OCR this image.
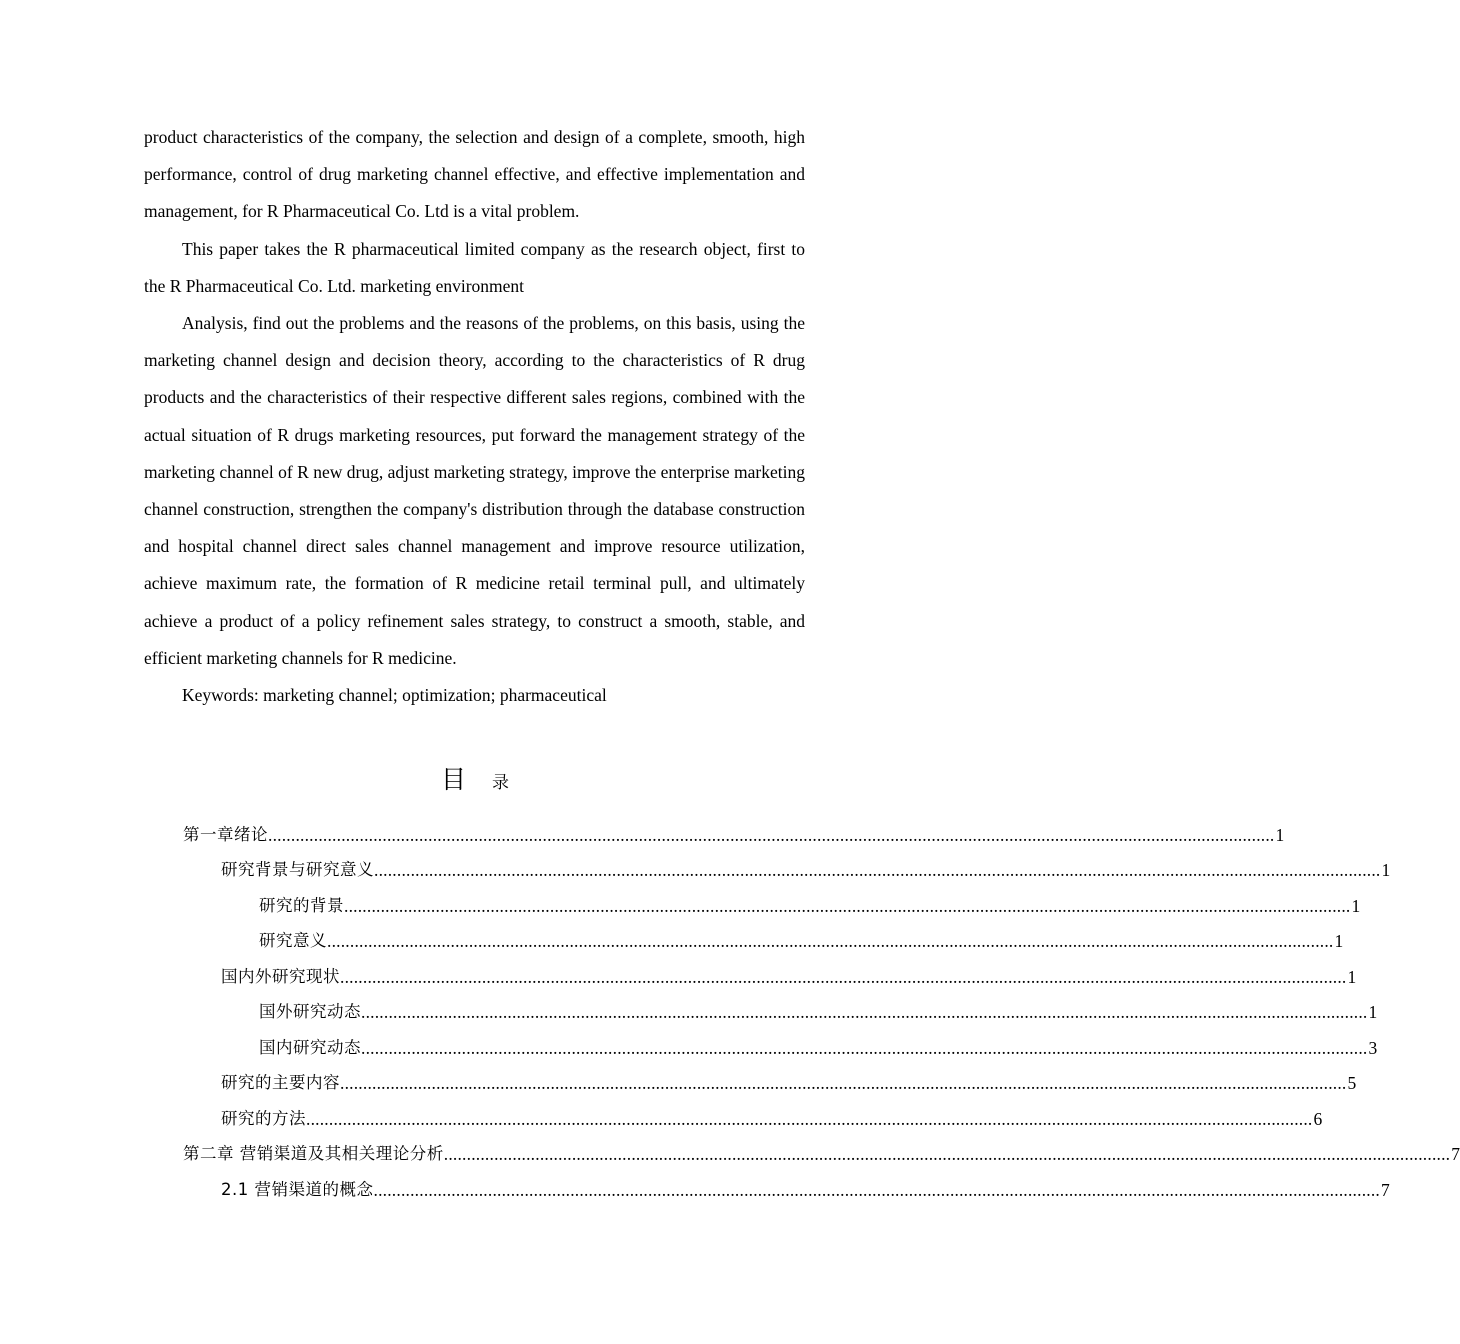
product characteristics of the company, the selection and design of a complete, smooth, high performance, control of drug marketing channel effective, and effective implementation and management, for R Pharmaceutical Co. Ltd is a vital problem.

This paper takes the R pharmaceutical limited company as the research object, first to the R Pharmaceutical Co. Ltd. marketing environment

Analysis, find out the problems and the reasons of the problems, on this basis, using the marketing channel design and decision theory, according to the characteristics of R drug products and the characteristics of their respective different sales regions, combined with the actual situation of R drugs marketing resources, put forward the management strategy of the marketing channel of R new drug, adjust marketing strategy, improve the enterprise marketing channel construction, strengthen the company's distribution through the database construction and hospital channel direct sales channel management and improve resource utilization, achieve maximum rate, the formation of R medicine retail terminal pull, and ultimately achieve a product of a policy refinement sales strategy, to construct a smooth, stable, and efficient marketing channels for R medicine.

Keywords: marketing channel; optimization; pharmaceutical

目 录
第一章绪论 ............................................................................................................................................................................................................................ 1
研究背景与研究意义 ............................................................................................................................................................................................................................ 1
研究的背景 ............................................................................................................................................................................................................................ 1
研究意义 ............................................................................................................................................................................................................................ 1
国内外研究现状 ............................................................................................................................................................................................................................ 1
国外研究动态 ............................................................................................................................................................................................................................ 1
国内研究动态 ............................................................................................................................................................................................................................ 3
研究的主要内容 ............................................................................................................................................................................................................................ 5
研究的方法 ............................................................................................................................................................................................................................ 6
第二章 营销渠道及其相关理论分析 ............................................................................................................................................................................................................................ 7
2.1 营销渠道的概念 ............................................................................................................................................................................................................................ 7
